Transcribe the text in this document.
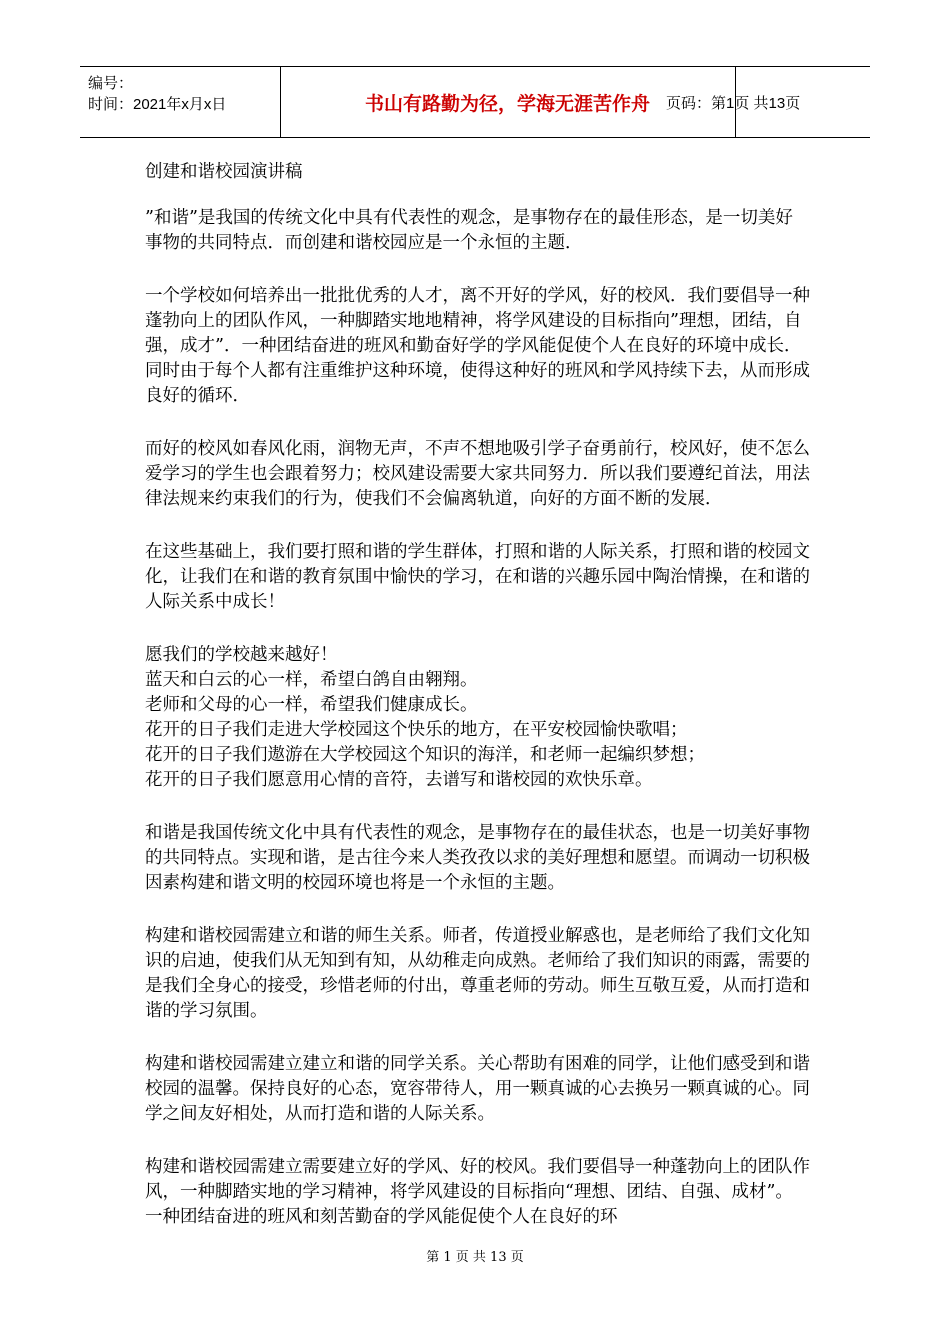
编号：
时间：2021年x月x日	书山有路勤为径，学海无涯苦作舟	页码：第1页 共13页
创建和谐校园演讲稿

”和谐”是我国的传统文化中具有代表性的观念，是事物存在的最佳形态，是一切美好事物的共同特点．而创建和谐校园应是一个永恒的主题．

一个学校如何培养出一批批优秀的人才，离不开好的学风，好的校风．我们要倡导一种蓬勃向上的团队作风，一种脚踏实地地精神，将学风建设的目标指向”理想，团结，自强，成才”．一种团结奋进的班风和勤奋好学的学风能促使个人在良好的环境中成长．同时由于每个人都有注重维护这种环境，使得这种好的班风和学风持续下去，从而形成良好的循环．

而好的校风如春风化雨，润物无声，不声不想地吸引学子奋勇前行，校风好，使不怎么爱学习的学生也会跟着努力；校风建设需要大家共同努力．所以我们要遵纪首法，用法律法规来约束我们的行为，使我们不会偏离轨道，向好的方面不断的发展．

在这些基础上，我们要打照和谐的学生群体，打照和谐的人际关系，打照和谐的校园文化，让我们在和谐的教育氛围中愉快的学习，在和谐的兴趣乐园中陶治情操，在和谐的人际关系中成长！

愿我们的学校越来越好！
蓝天和白云的心一样，希望白鸽自由翱翔。
老师和父母的心一样，希望我们健康成长。
花开的日子我们走进大学校园这个快乐的地方，在平安校园愉快歌唱；
花开的日子我们遨游在大学校园这个知识的海洋，和老师一起编织梦想；
花开的日子我们愿意用心情的音符，去谱写和谐校园的欢快乐章。

和谐是我国传统文化中具有代表性的观念，是事物存在的最佳状态，也是一切美好事物的共同特点。实现和谐，是古往今来人类孜孜以求的美好理想和愿望。而调动一切积极因素构建和谐文明的校园环境也将是一个永恒的主题。

构建和谐校园需建立和谐的师生关系。师者，传道授业解惑也，是老师给了我们文化知识的启迪，使我们从无知到有知，从幼稚走向成熟。老师给了我们知识的雨露，需要的是我们全身心的接受，珍惜老师的付出，尊重老师的劳动。师生互敬互爱，从而打造和谐的学习氛围。

构建和谐校园需建立建立和谐的同学关系。关心帮助有困难的同学，让他们感受到和谐校园的温馨。保持良好的心态，宽容带待人，用一颗真诚的心去换另一颗真诚的心。同学之间友好相处，从而打造和谐的人际关系。

构建和谐校园需建立需要建立好的学风、好的校风。我们要倡导一种蓬勃向上的团队作风，一种脚踏实地的学习精神，将学风建设的目标指向“理想、团结、自强、成材”。一种团结奋进的班风和刻苦勤奋的学风能促使个人在良好的环

第 1 页 共 13 页
